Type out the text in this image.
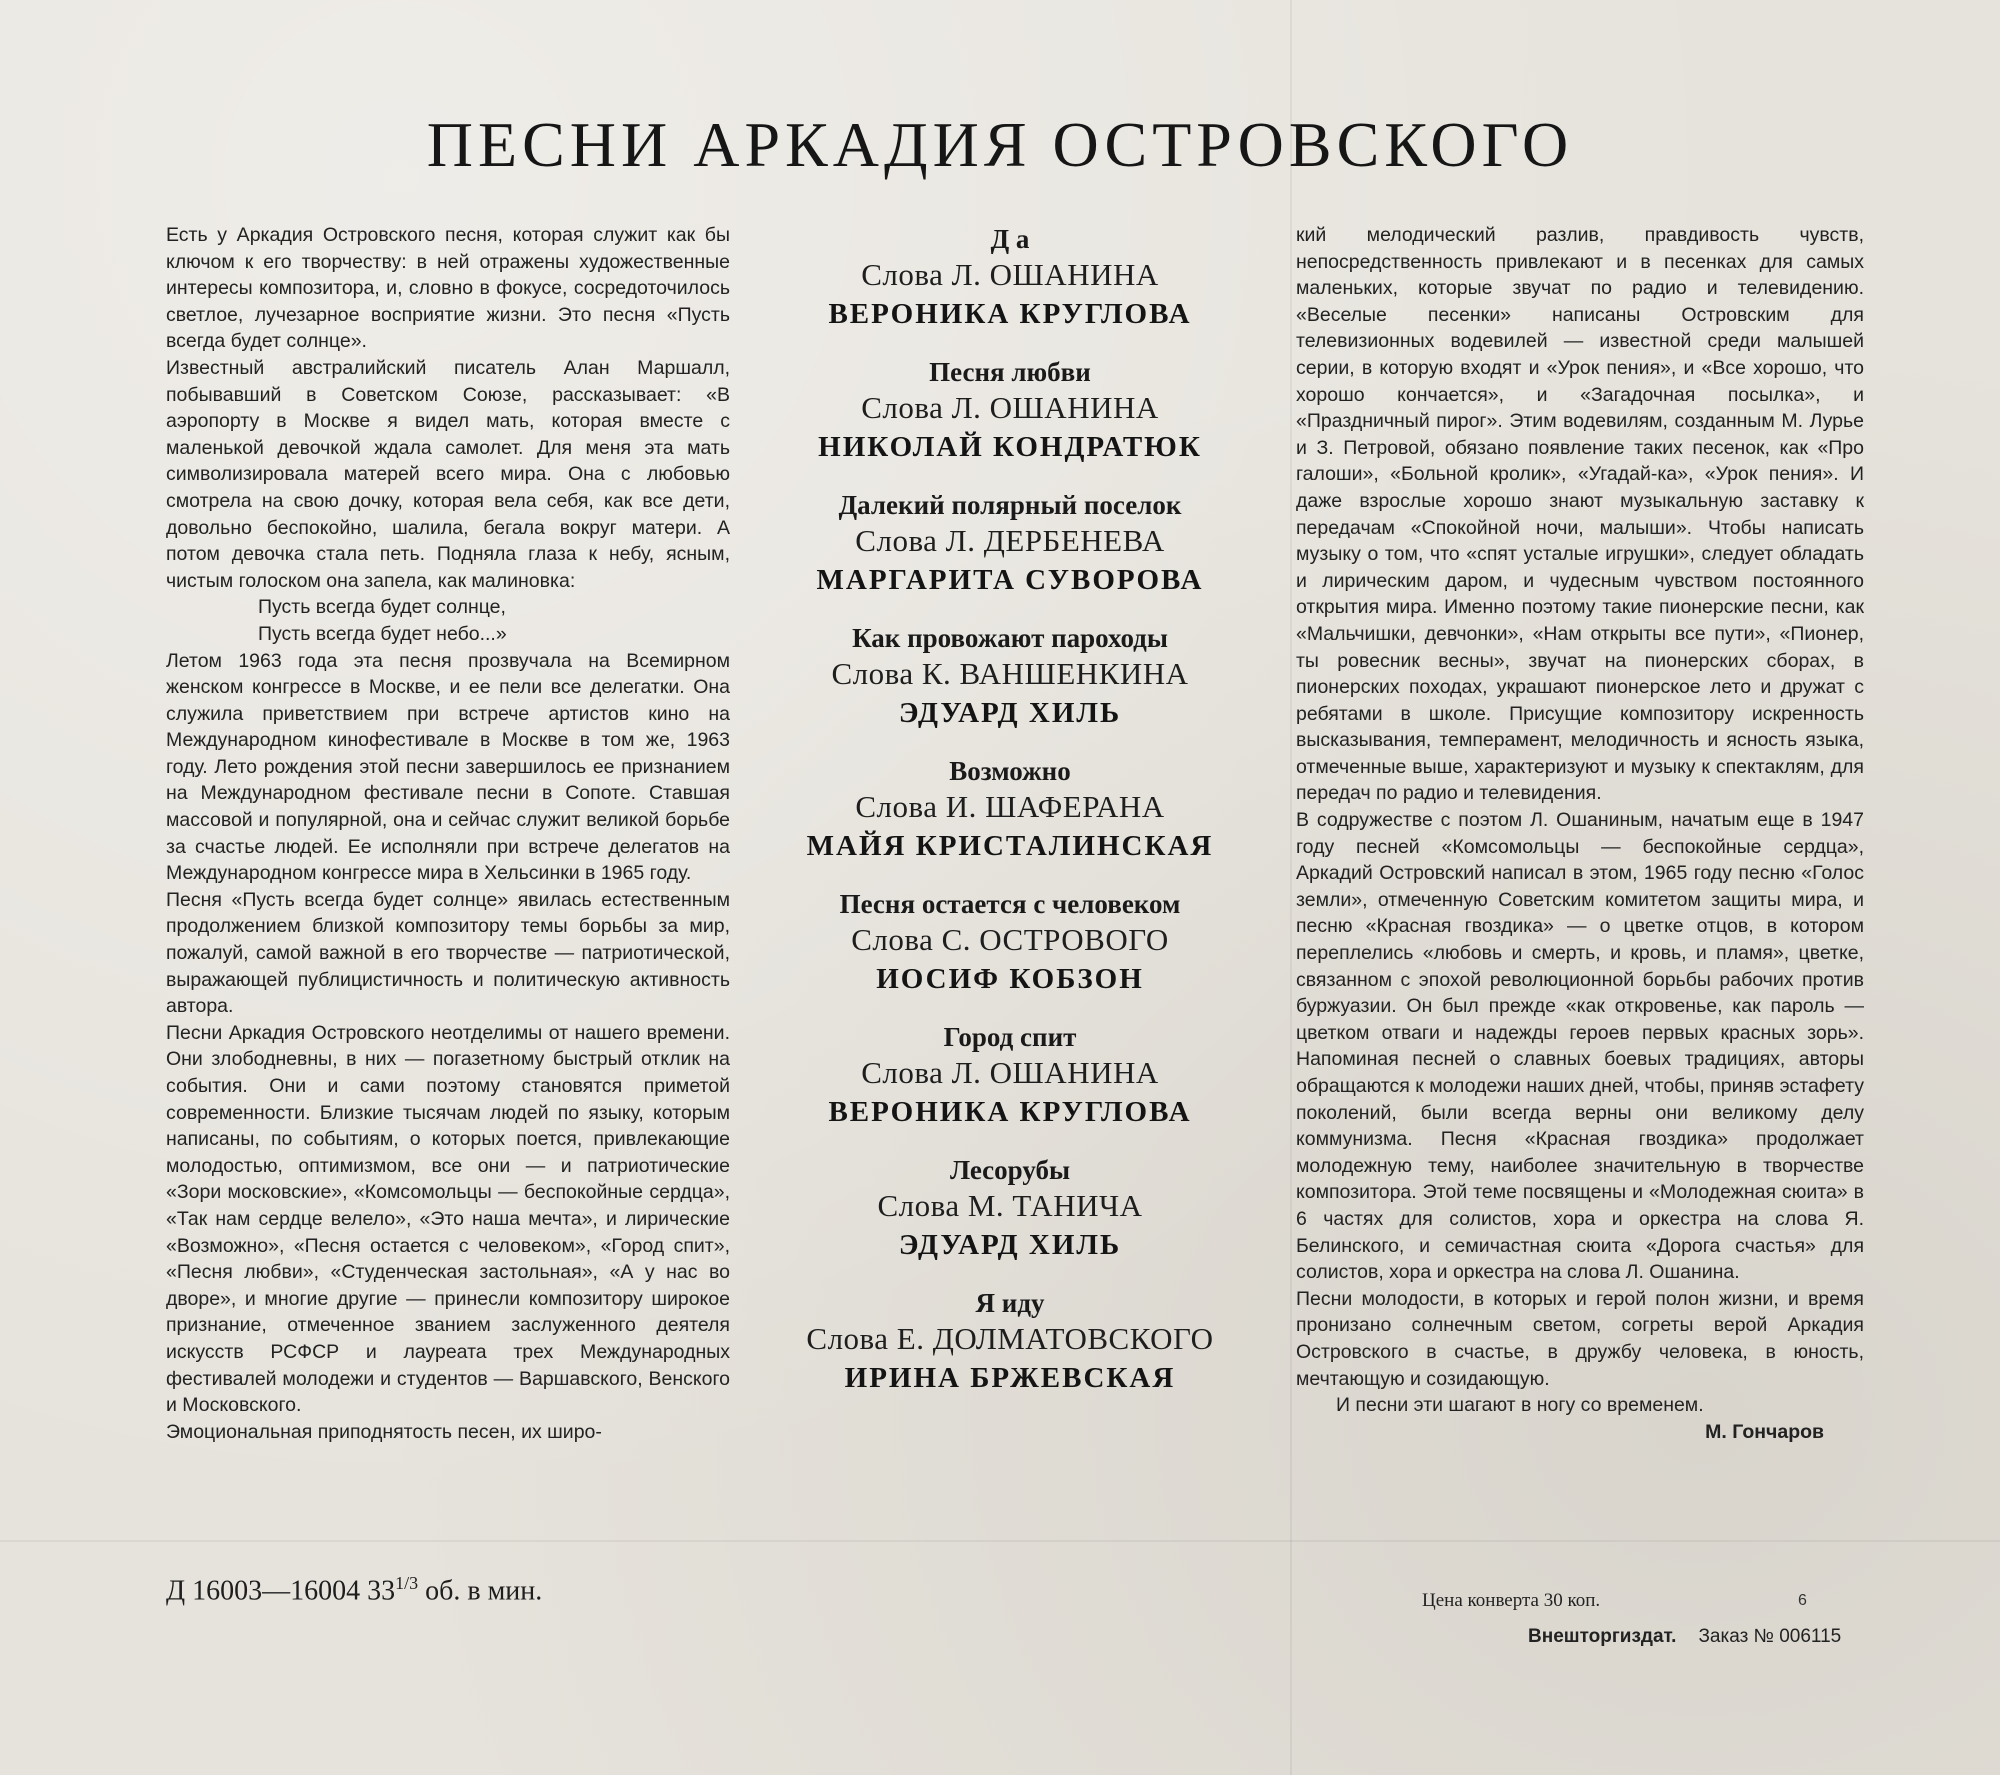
ПЕСНИ АРКАДИЯ ОСТРОВСКОГО

Есть у Аркадия Островского песня, которая служит как бы ключом к его творчеству: в ней отражены художественные интересы композитора, и, словно в фокусе, сосредоточилось светлое, лучезарное восприятие жизни. Это песня «Пусть всегда будет солнце».

Известный австралийский писатель Алан Маршалл, побывавший в Советском Союзе, рассказывает: «В аэропорту в Москве я видел мать, которая вместе с маленькой девочкой ждала самолет. Для меня эта мать символизировала матерей всего мира. Она с любовью смотрела на свою дочку, которая вела себя, как все дети, довольно беспокойно, шалила, бегала вокруг матери. А потом девочка стала петь. Подняла глаза к небу, ясным, чистым голоском она запела, как малиновка:

Пусть всегда будет солнце,

Пусть всегда будет небо...»

Летом 1963 года эта песня прозвучала на Всемирном женском конгрессе в Москве, и ее пели все делегатки. Она служила приветствием при встрече артистов кино на Международном кинофестивале в Москве в том же, 1963 году. Лето рождения этой песни завершилось ее признанием на Международном фестивале песни в Сопоте. Ставшая массовой и популярной, она и сейчас служит великой борьбе за счастье людей. Ее исполняли при встрече делегатов на Международном конгрессе мира в Хельсинки в 1965 году.

Песня «Пусть всегда будет солнце» явилась естественным продолжением близкой композитору темы борьбы за мир, пожалуй, самой важной в его творчестве — патриотической, выражающей публицистичность и политическую активность автора.

Песни Аркадия Островского неотделимы от нашего времени. Они злободневны, в них — погазетному быстрый отклик на события. Они и сами поэтому становятся приметой современности. Близкие тысячам людей по языку, которым написаны, по событиям, о которых поется, привлекающие молодостью, оптимизмом, все они — и патриотические «Зори московские», «Комсомольцы — беспокойные сердца», «Так нам сердце велело», «Это наша мечта», и лирические «Возможно», «Песня остается с человеком», «Город спит», «Песня любви», «Студенческая застольная», «А у нас во дворе», и многие другие — принесли композитору широкое признание, отмеченное званием заслуженного деятеля искусств РСФСР и лауреата трех Международных фестивалей молодежи и студентов — Варшавского, Венского и Московского.

Эмоциональная приподнятость песен, их широ-

Д а
Слова Л. ОШАНИНА
ВЕРОНИКА КРУГЛОВА
Песня любви
Слова Л. ОШАНИНА
НИКОЛАЙ КОНДРАТЮК
Далекий полярный поселок
Слова Л. ДЕРБЕНЕВА
МАРГАРИТА СУВОРОВА
Как провожают пароходы
Слова К. ВАНШЕНКИНА
ЭДУАРД ХИЛЬ
Возможно
Слова И. ШАФЕРАНА
МАЙЯ КРИСТАЛИНСКАЯ
Песня остается с человеком
Слова С. ОСТРОВОГО
ИОСИФ КОБЗОН
Город спит
Слова Л. ОШАНИНА
ВЕРОНИКА КРУГЛОВА
Лесорубы
Слова М. ТАНИЧА
ЭДУАРД ХИЛЬ
Я иду
Слова Е. ДОЛМАТОВСКОГО
ИРИНА БРЖЕВСКАЯ

кий мелодический разлив, правдивость чувств, непосредственность привлекают и в песенках для самых маленьких, которые звучат по радио и телевидению. «Веселые песенки» написаны Островским для телевизионных водевилей — известной среди малышей серии, в которую входят и «Урок пения», и «Все хорошо, что хорошо кончается», и «Загадочная посылка», и «Праздничный пирог». Этим водевилям, созданным М. Лурье и З. Петровой, обязано появление таких песенок, как «Про галоши», «Больной кролик», «Угадай-ка», «Урок пения». И даже взрослые хорошо знают музыкальную заставку к передачам «Спокойной ночи, малыши». Чтобы написать музыку о том, что «спят усталые игрушки», следует обладать и лирическим даром, и чудесным чувством постоянного открытия мира. Именно поэтому такие пионерские песни, как «Мальчишки, девчонки», «Нам открыты все пути», «Пионер, ты ровесник весны», звучат на пионерских сборах, в пионерских походах, украшают пионерское лето и дружат с ребятами в школе. Присущие композитору искренность высказывания, темперамент, мелодичность и ясность языка, отмеченные выше, характеризуют и музыку к спектаклям, для передач по радио и телевидения.

В содружестве с поэтом Л. Ошаниным, начатым еще в 1947 году песней «Комсомольцы — беспокойные сердца», Аркадий Островский написал в этом, 1965 году песню «Голос земли», отмеченную Советским комитетом защиты мира, и песню «Красная гвоздика» — о цветке отцов, в котором переплелись «любовь и смерть, и кровь, и пламя», цветке, связанном с эпохой революционной борьбы рабочих против буржуазии. Он был прежде «как откровенье, как пароль — цветком отваги и надежды героев первых красных зорь». Напоминая песней о славных боевых традициях, авторы обращаются к молодежи наших дней, чтобы, приняв эстафету поколений, были всегда верны они великому делу коммунизма. Песня «Красная гвоздика» продолжает молодежную тему, наиболее значительную в творчестве композитора. Этой теме посвящены и «Молодежная сюита» в 6 частях для солистов, хора и оркестра на слова Я. Белинского, и семичастная сюита «Дорога счастья» для солистов, хора и оркестра на слова Л. Ошанина.

Песни молодости, в которых и герой полон жизни, и время пронизано солнечным светом, согреты верой Аркадия Островского в счастье, в дружбу человека, в юность, мечтающую и созидающую.

И песни эти шагают в ногу со временем.

М. Гончаров

Д 16003—16004 $33^{1/3}$ об. в мин.	Цена конверта 30 коп.	6
Внешторгиздат. Заказ № 006115
